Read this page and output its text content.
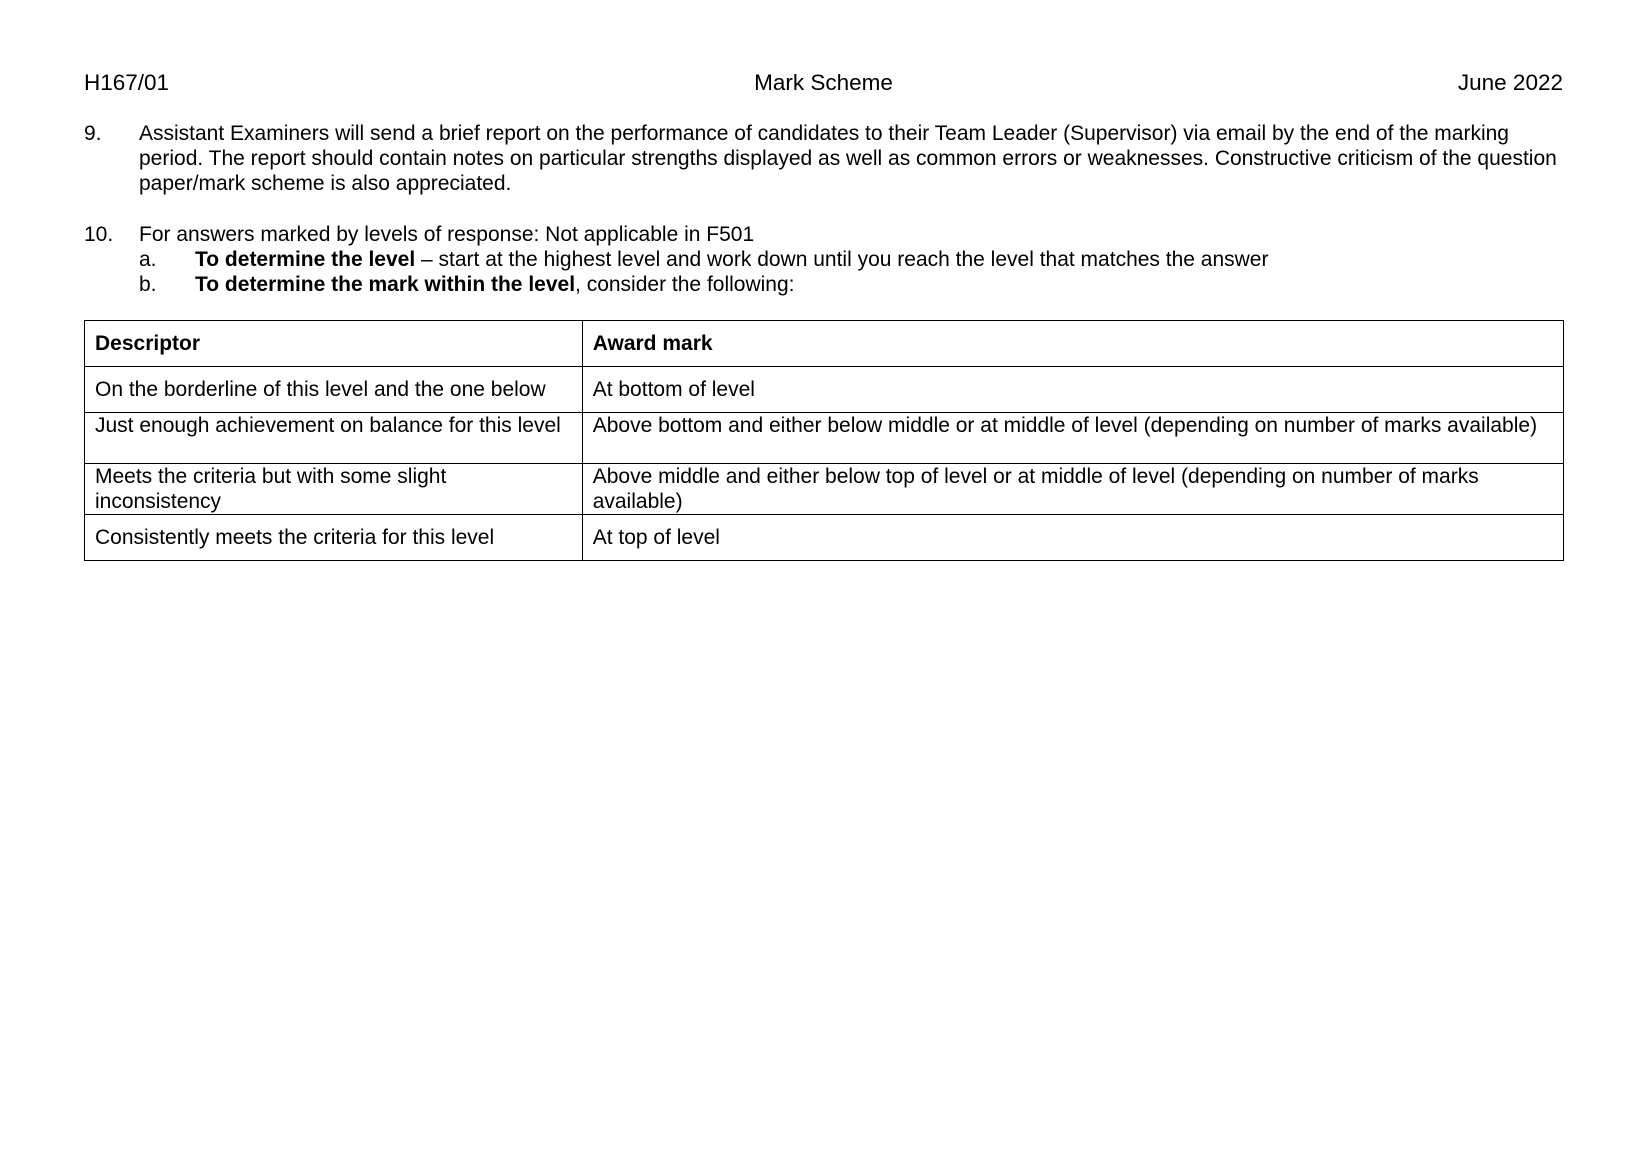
H167/01	Mark Scheme	June 2022
9. Assistant Examiners will send a brief report on the performance of candidates to their Team Leader (Supervisor) via email by the end of the marking period. The report should contain notes on particular strengths displayed as well as common errors or weaknesses. Constructive criticism of the question paper/mark scheme is also appreciated.
10. For answers marked by levels of response: Not applicable in F501
a. To determine the level – start at the highest level and work down until you reach the level that matches the answer
b. To determine the mark within the level, consider the following:
Descriptor	Award mark
On the borderline of this level and the one below	At bottom of level
Just enough achievement on balance for this level	Above bottom and either below middle or at middle of level (depending on number of marks available)
Meets the criteria but with some slight inconsistency	Above middle and either below top of level or at middle of level (depending on number of marks available)
Consistently meets the criteria for this level	At top of level
